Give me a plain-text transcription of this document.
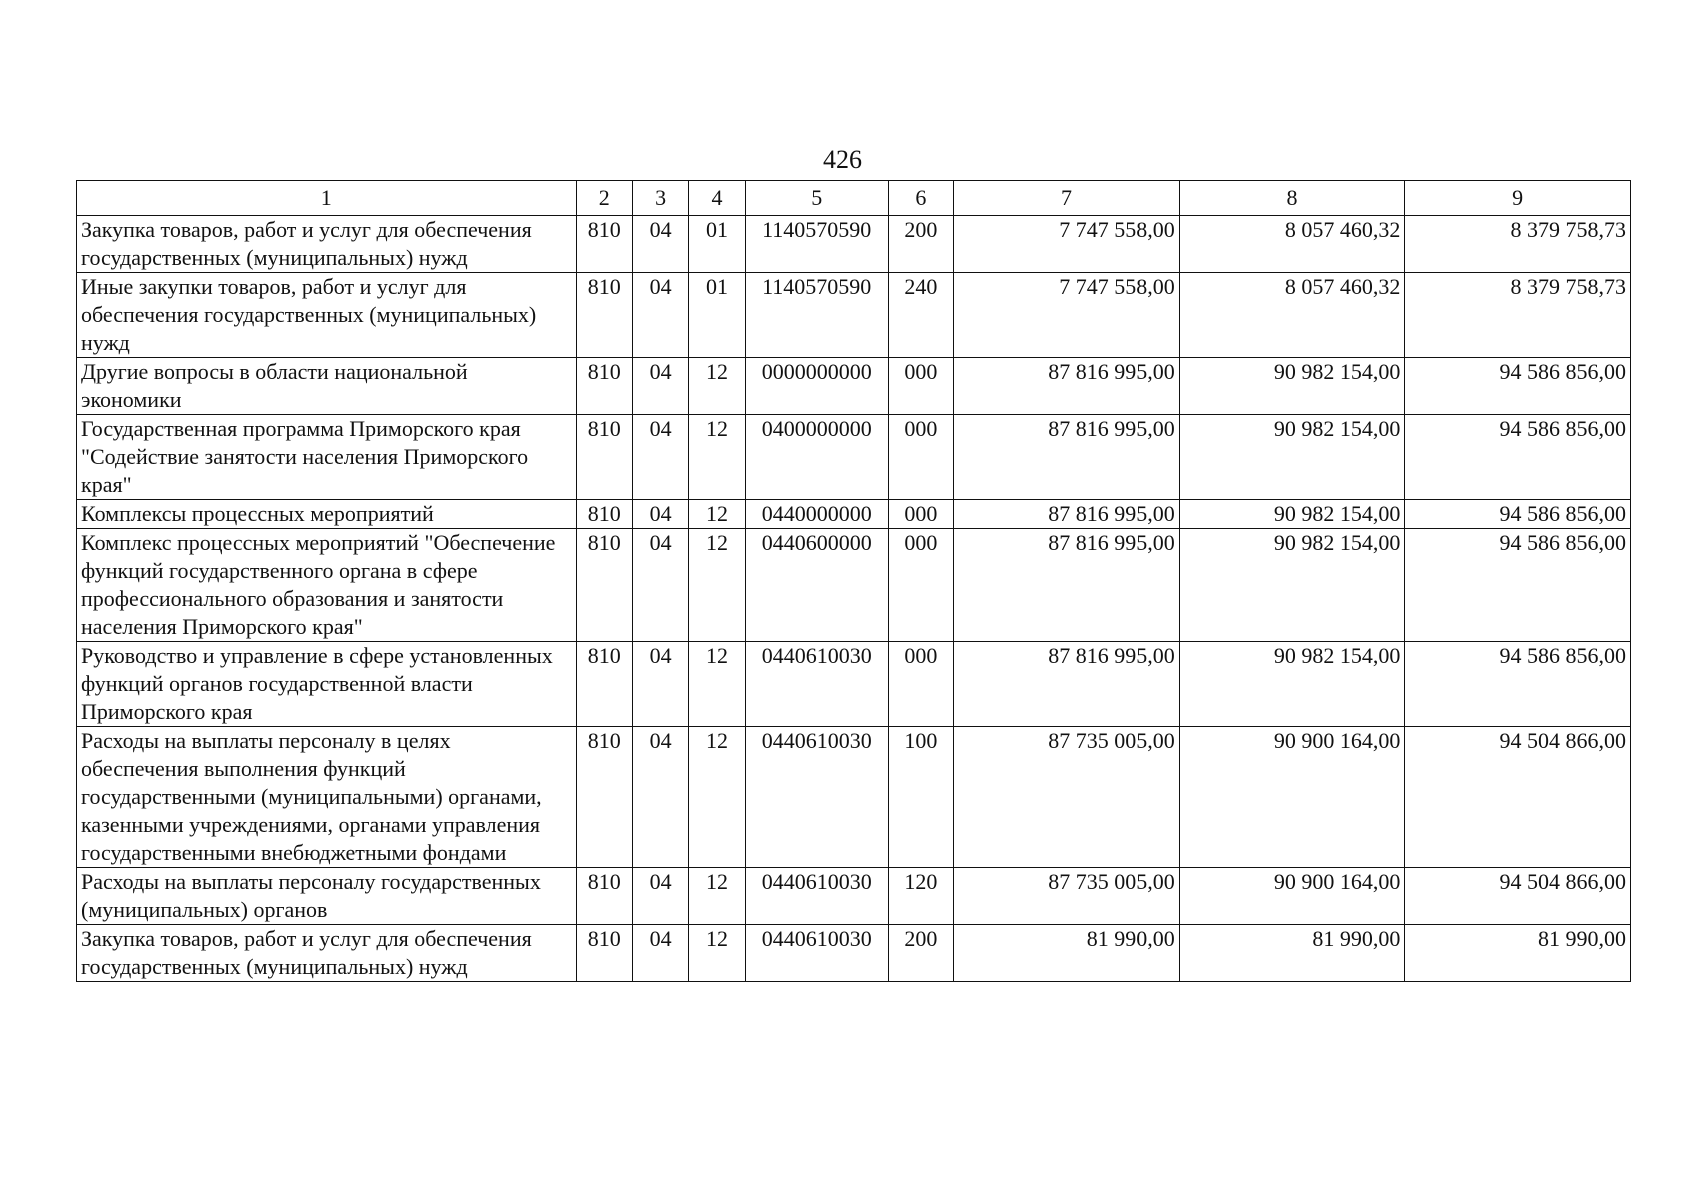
426
1	2	3	4	5	6	7	8	9
Закупка товаров, работ и услуг для обеспечения государственных (муниципальных) нужд	810	04	01	1140570590	200	7 747 558,00	8 057 460,32	8 379 758,73
Иные закупки товаров, работ и услуг для обеспечения государственных (муниципальных) нужд	810	04	01	1140570590	240	7 747 558,00	8 057 460,32	8 379 758,73
Другие вопросы в области национальной экономики	810	04	12	0000000000	000	87 816 995,00	90 982 154,00	94 586 856,00
Государственная программа Приморского края "Содействие занятости населения Приморского края"	810	04	12	0400000000	000	87 816 995,00	90 982 154,00	94 586 856,00
Комплексы процессных мероприятий	810	04	12	0440000000	000	87 816 995,00	90 982 154,00	94 586 856,00
Комплекс процессных мероприятий "Обеспечение функций государственного органа в сфере профессионального образования и занятости населения Приморского края"	810	04	12	0440600000	000	87 816 995,00	90 982 154,00	94 586 856,00
Руководство и управление в сфере установленных функций органов государственной власти Приморского края	810	04	12	0440610030	000	87 816 995,00	90 982 154,00	94 586 856,00
Расходы на выплаты персоналу в целях обеспечения выполнения функций государственными (муниципальными) органами, казенными учреждениями, органами управления государственными внебюджетными фондами	810	04	12	0440610030	100	87 735 005,00	90 900 164,00	94 504 866,00
Расходы на выплаты персоналу государственных (муниципальных) органов	810	04	12	0440610030	120	87 735 005,00	90 900 164,00	94 504 866,00
Закупка товаров, работ и услуг для обеспечения государственных (муниципальных) нужд	810	04	12	0440610030	200	81 990,00	81 990,00	81 990,00
